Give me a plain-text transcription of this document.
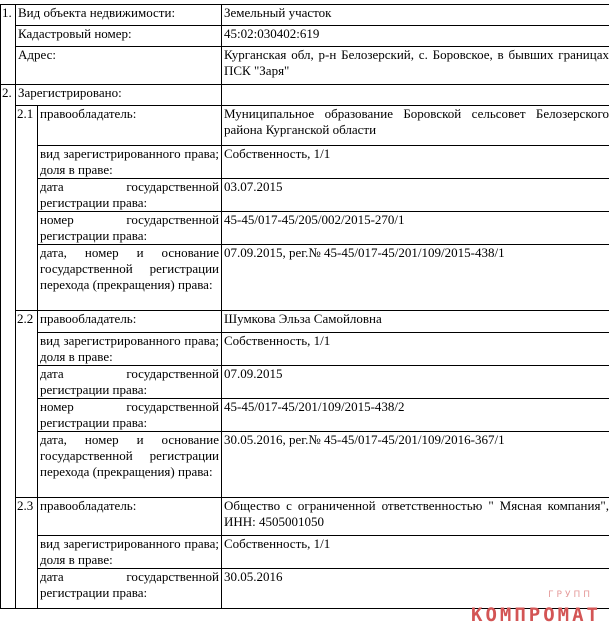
1.	Вид объекта недвижимости:		Земельный участок
	Кадастровый номер:		45:02:030402:619
	Адрес:		Курганская обл, р-н Белозерский, с. Боровское, в бывших границах ПСК "Заря"
2.	Зарегистрировано:		
	2.1	правообладатель:	Муниципальное образование Боровской сельсовет Белозерского района Курганской области
		вид зарегистрированного права; доля в праве:	Собственность, 1/1
		дата государственной регистрации права:	03.07.2015
		номер государственной регистрации права:	45-45/017-45/205/002/2015-270/1
		дата, номер и основание государственной регистрации перехода (прекращения) права:	07.09.2015, рег.№ 45-45/017-45/201/109/2015-438/1
	2.2	правообладатель:	Шумкова Эльза Самойловна
		вид зарегистрированного права; доля в праве:	Собственность, 1/1
		дата государственной регистрации права:	07.09.2015
		номер государственной регистрации права:	45-45/017-45/201/109/2015-438/2
		дата, номер и основание государственной регистрации перехода (прекращения) права:	30.05.2016, рег.№ 45-45/017-45/201/109/2016-367/1
	2.3	правообладатель:	Общество с ограниченной ответственностью " Мясная компания", ИНН: 4505001050
		вид зарегистрированного права; доля в праве:	Собственность, 1/1
		дата государственной регистрации права:	30.05.2016
ГРУПП
КОМПРОМАТ
